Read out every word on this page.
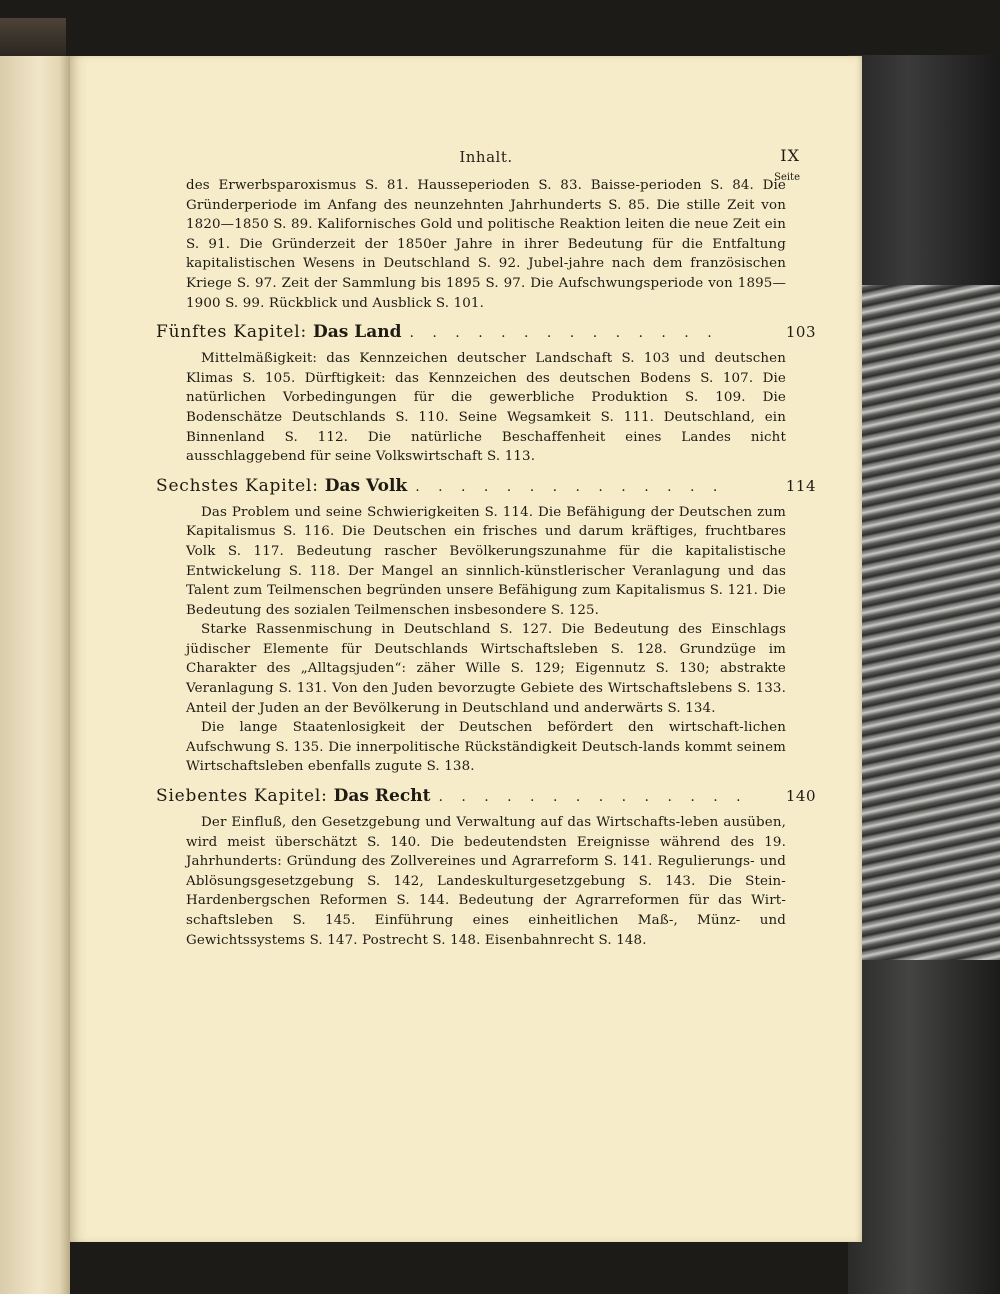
Inhalt.	IX
Seite

des Erwerbsparoxismus S. 81. Hausseperioden S. 83. Baisse-perioden S. 84. Die Gründerperiode im Anfang des neunzehnten Jahrhunderts S. 85. Die stille Zeit von 1820—1850 S. 89. Kalifornisches Gold und politische Reaktion leiten die neue Zeit ein S. 91. Die Gründerzeit der 1850er Jahre in ihrer Bedeutung für die Entfaltung kapitalistischen Wesens in Deutschland S. 92. Jubel-jahre nach dem französischen Kriege S. 97. Zeit der Sammlung bis 1895 S. 97. Die Aufschwungsperiode von 1895—1900 S. 99. Rückblick und Ausblick S. 101.

Fünftes Kapitel: Das Land . . . . . . . . . . . . . .	103

Mittelmäßigkeit: das Kennzeichen deutscher Landschaft S. 103 und deutschen Klimas S. 105. Dürftigkeit: das Kennzeichen des deutschen Bodens S. 107. Die natürlichen Vorbedingungen für die gewerbliche Produktion S. 109. Die Bodenschätze Deutschlands S. 110. Seine Wegsamkeit S. 111. Deutschland, ein Binnenland S. 112. Die natürliche Beschaffenheit eines Landes nicht ausschlaggebend für seine Volkswirtschaft S. 113.

Sechstes Kapitel: Das Volk . . . . . . . . . . . . . .	114

Das Problem und seine Schwierigkeiten S. 114. Die Befähigung der Deutschen zum Kapitalismus S. 116. Die Deutschen ein frisches und darum kräftiges, fruchtbares Volk S. 117. Bedeutung rascher Bevölkerungszunahme für die kapitalistische Entwickelung S. 118. Der Mangel an sinnlich-künstlerischer Veranlagung und das Talent zum Teilmenschen begründen unsere Befähigung zum Kapitalismus S. 121. Die Bedeutung des sozialen Teilmenschen insbesondere S. 125.

Starke Rassenmischung in Deutschland S. 127. Die Bedeutung des Einschlags jüdischer Elemente für Deutschlands Wirtschaftsleben S. 128. Grundzüge im Charakter des „Alltagsjuden“: zäher Wille S. 129; Eigennutz S. 130; abstrakte Veranlagung S. 131. Von den Juden bevorzugte Gebiete des Wirtschaftslebens S. 133. Anteil der Juden an der Bevölkerung in Deutschland und anderwärts S. 134.

Die lange Staatenlosigkeit der Deutschen befördert den wirtschaft-lichen Aufschwung S. 135. Die innerpolitische Rückständigkeit Deutsch-lands kommt seinem Wirtschaftsleben ebenfalls zugute S. 138.

Siebentes Kapitel: Das Recht . . . . . . . . . . . . . .	140

Der Einfluß, den Gesetzgebung und Verwaltung auf das Wirtschafts-leben ausüben, wird meist überschätzt S. 140. Die bedeutendsten Ereignisse während des 19. Jahrhunderts: Gründung des Zollvereines und Agrarreform S. 141. Regulierungs- und Ablösungsgesetzgebung S. 142, Landeskulturgesetzgebung S. 143. Die Stein-Hardenbergschen Reformen S. 144. Bedeutung der Agrarreformen für das Wirt-schaftsleben S. 145. Einführung eines einheitlichen Maß-, Münz- und Gewichtssystems S. 147. Postrecht S. 148. Eisenbahnrecht S. 148.
